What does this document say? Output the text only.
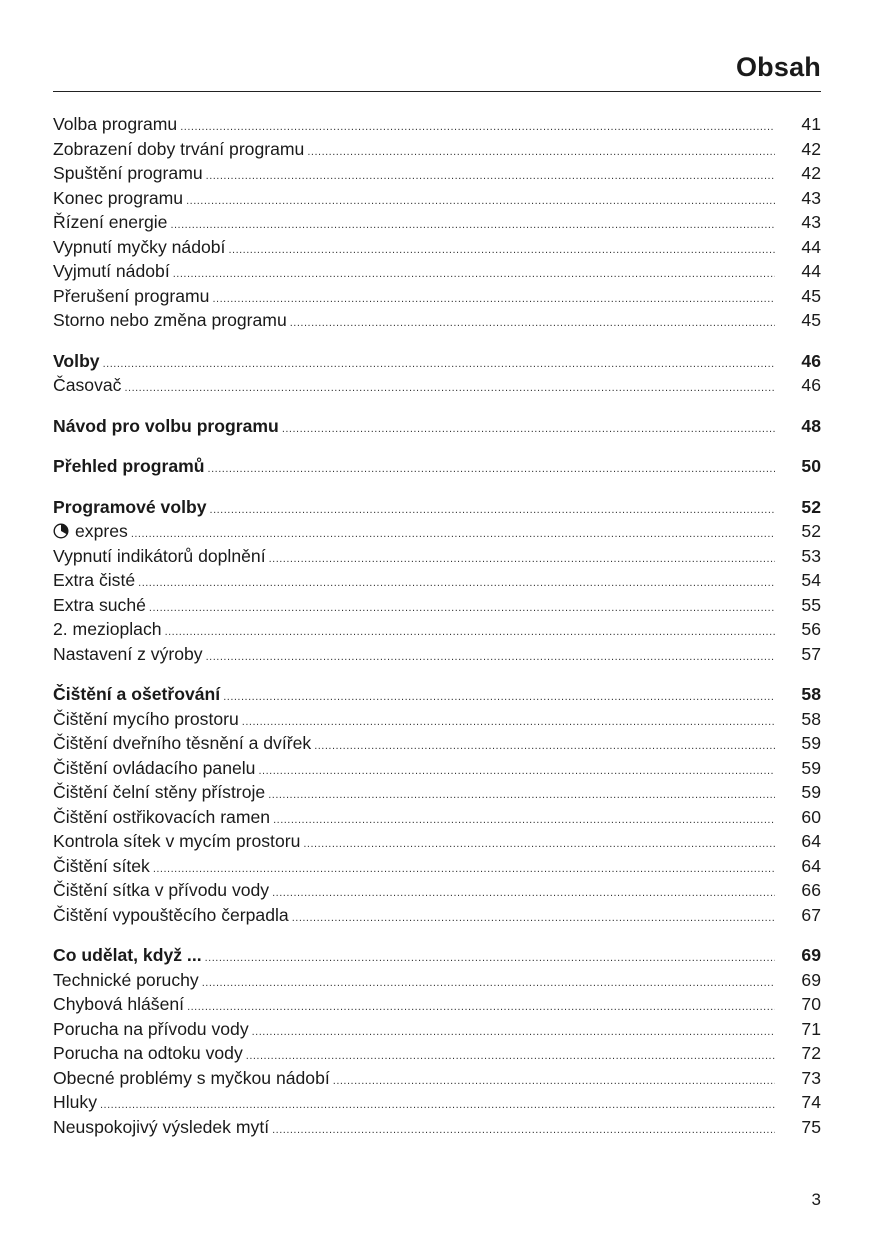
Obsah
Volba programu .....	41
Zobrazení doby trvání programu .....	42
Spuštění programu .....	42
Konec programu .....	43
Řízení energie .....	43
Vypnutí myčky nádobí .....	44
Vyjmutí nádobí .....	44
Přerušení programu .....	45
Storno nebo změna programu .....	45
Volby .....	46
Časovač .....	46
Návod pro volbu programu .....	48
Přehled programů .....	50
Programové volby .....	52
expres .....	52
Vypnutí indikátorů doplnění .....	53
Extra čisté .....	54
Extra suché .....	55
2. mezioplach .....	56
Nastavení z výroby .....	57
Čištění a ošetřování .....	58
Čištění mycího prostoru .....	58
Čištění dveřního těsnění a dvířek .....	59
Čištění ovládacího panelu .....	59
Čištění čelní stěny přístroje .....	59
Čištění ostřikovacích ramen .....	60
Kontrola sítek v mycím prostoru .....	64
Čištění sítek .....	64
Čištění sítka v přívodu vody .....	66
Čištění vypouštěcího čerpadla .....	67
Co udělat, když ... .....	69
Technické poruchy .....	69
Chybová hlášení .....	70
Porucha na přívodu vody .....	71
Porucha na odtoku vody .....	72
Obecné problémy s myčkou nádobí .....	73
Hluky .....	74
Neuspokojivý výsledek mytí .....	75
3
